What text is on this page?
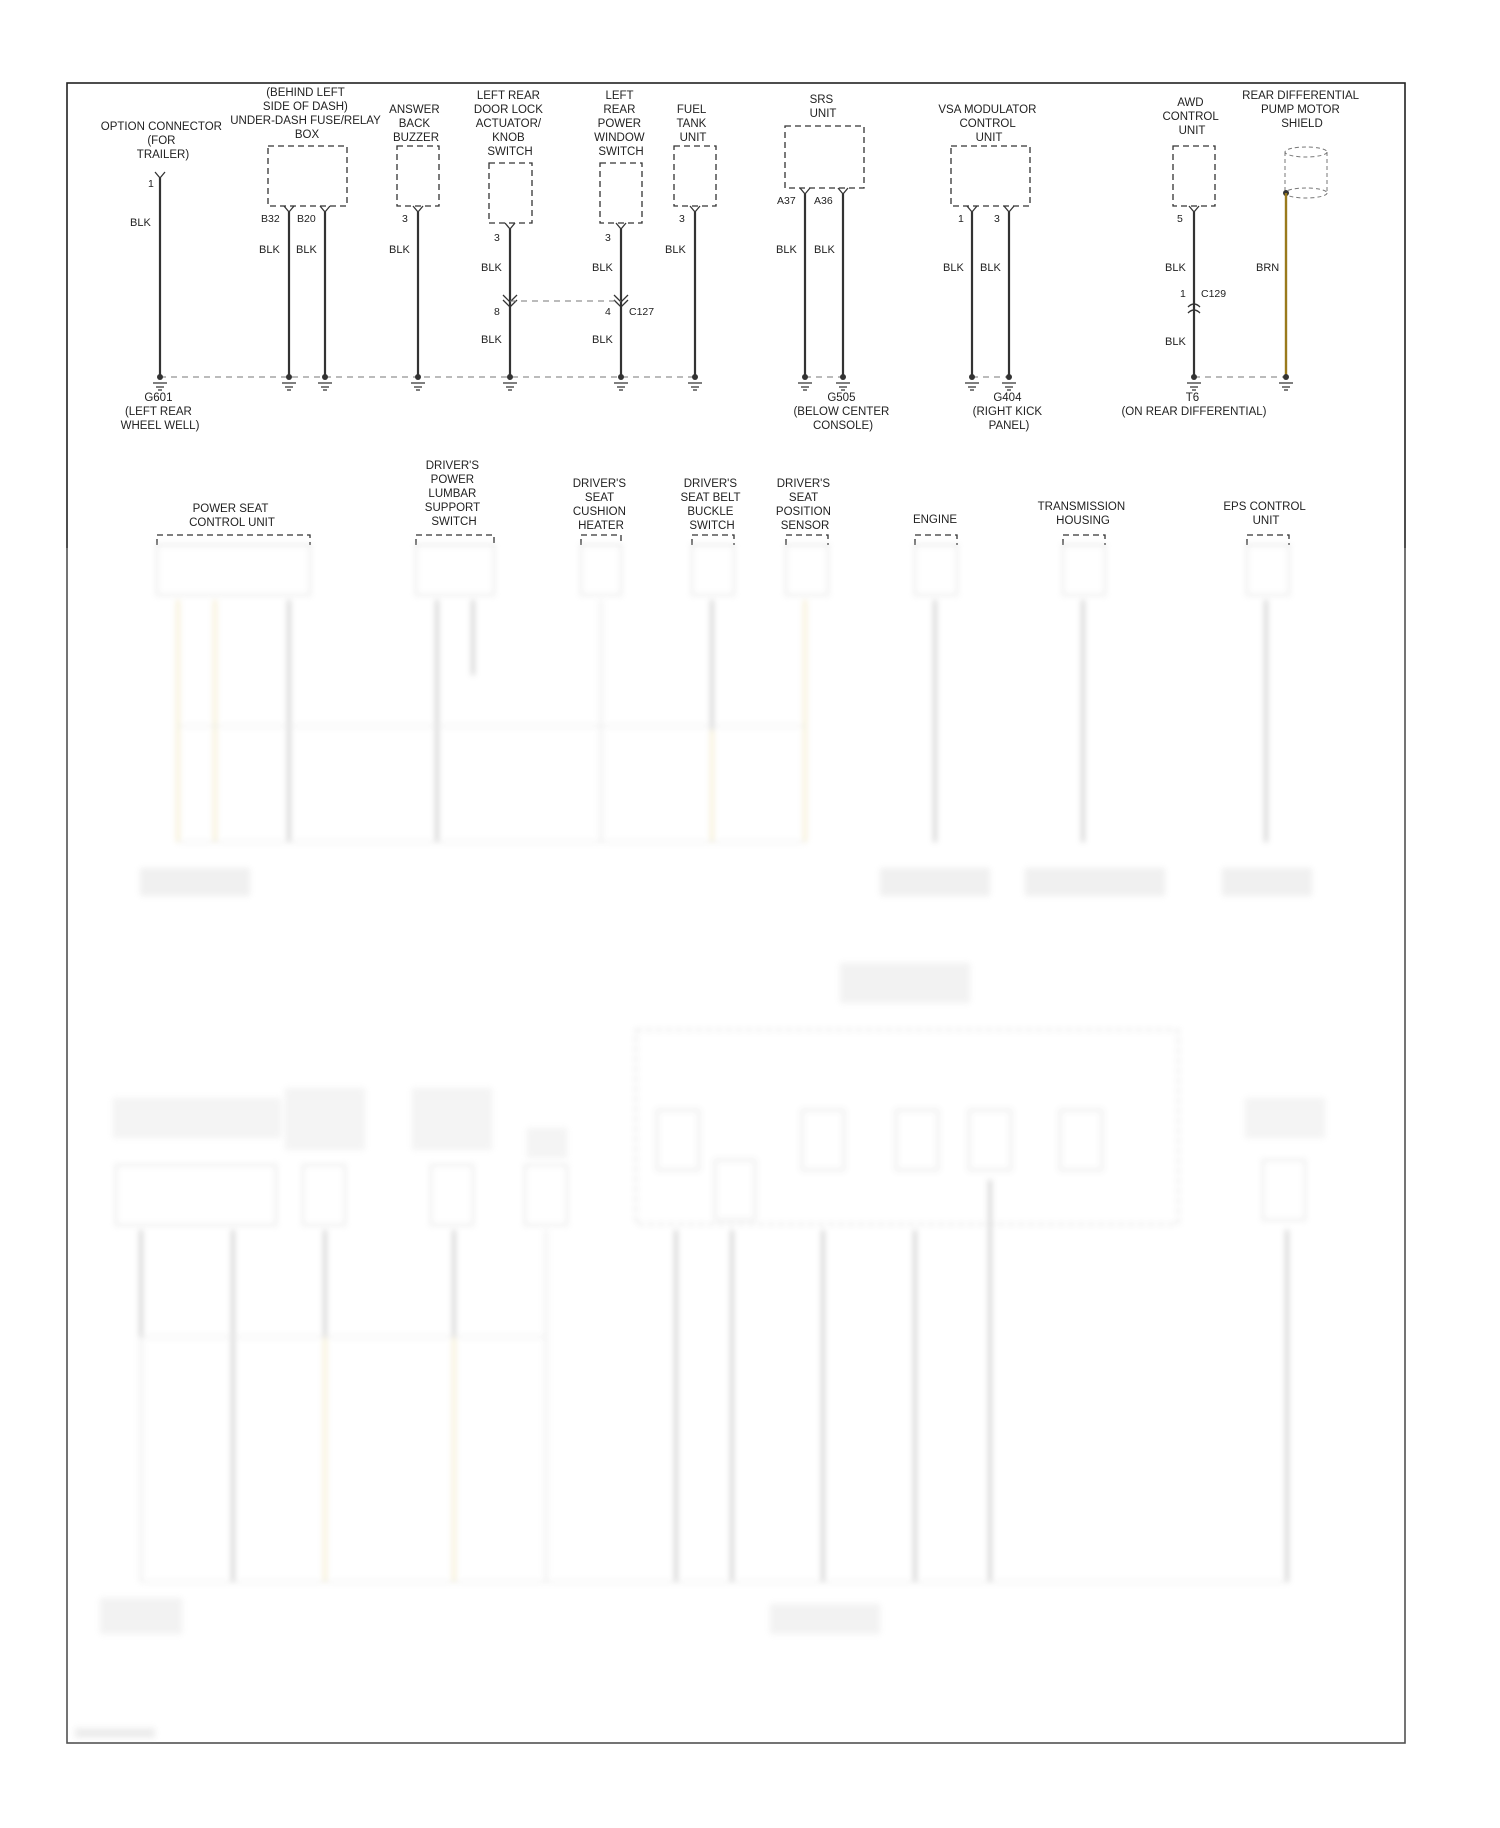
OPTION CONNECTOR (FOR TRAILER)
1
BLK
(BEHIND LEFT SIDE OF DASH) UNDER-DASH FUSE/RELAY BOX
B32 B20
BLK BLK
ANSWER BACK BUZZER
3
BLK
LEFT REAR DOOR LOCK ACTUATOR/ KNOB SWITCH
3
BLK
8
BLK
LEFT REAR POWER WINDOW SWITCH
3
BLK
4 C127
BLK
FUEL TANK UNIT
3
BLK
SRS UNIT
A37 A36
BLK BLK
VSA MODULATOR CONTROL UNIT
1	3
BLK BLK
AWD CONTROL UNIT
5
BLK
1 C129
BLK
REAR DIFFERENTIAL PUMP MOTOR SHIELD
BRN
G601 (LEFT REAR WHEEL WELL)
G505 (BELOW CENTER CONSOLE)
G404 (RIGHT KICK PANEL)
T6 (ON REAR DIFFERENTIAL)
POWER SEAT CONTROL UNIT
DRIVER'S POWER LUMBAR SUPPORT SWITCH
DRIVER'S SEAT CUSHION HEATER
DRIVER'S SEAT BELT BUCKLE SWITCH
DRIVER'S SEAT POSITION SENSOR	ENGINE
TRANSMISSION HOUSING
EPS CONTROL UNIT
